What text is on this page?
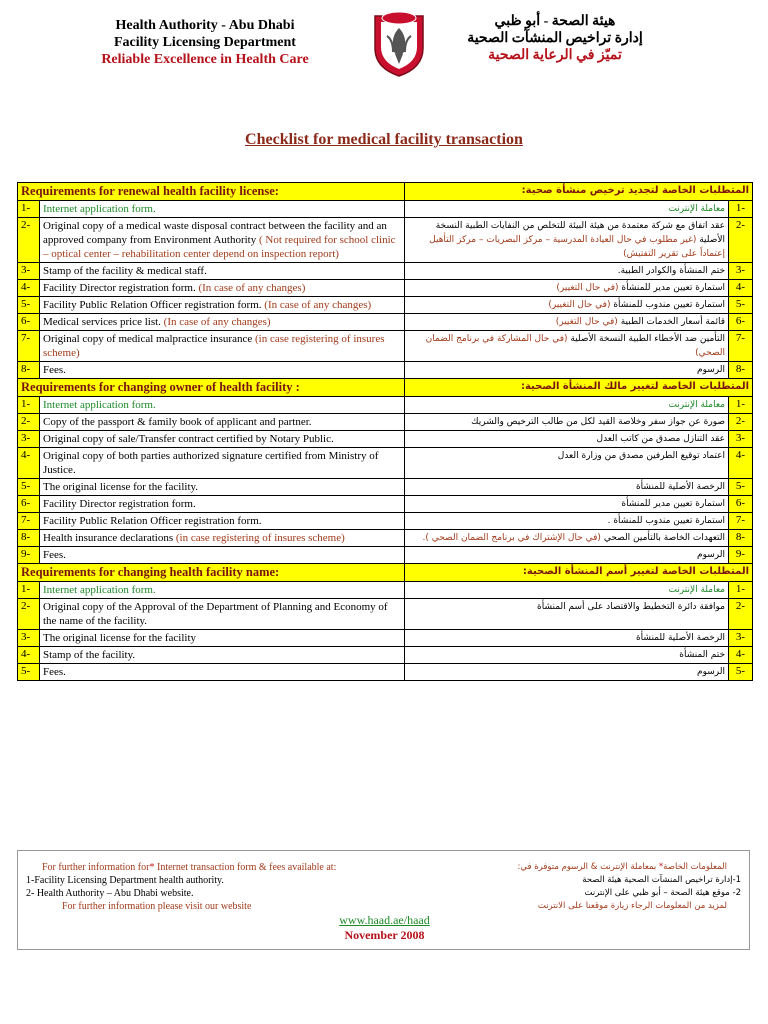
Health Authority - Abu Dhabi
Facility Licensing Department
Reliable Excellence in Health Care
هيئة الصحة - أبو ظبي
إدارة تراخيص المنشآت الصحية
تميّز في الرعاية الصحية
Checklist for medical facility transaction
Requirements for renewal health facility license:		المتطلبات الخاصة لتجديد ترخيص منشأة صحية:	
1-	Internet application form.	معاملة الإنترنت	1-
2-	Original copy of a medical waste disposal contract between the facility and an approved company from Environment Authority ( Not required for school clinic – optical center – rehabilitation center depend on inspection report)	عقد اتفاق مع شركة معتمدة من هيئة البيئة للتخلص من النفايات الطبية النسخة الأصلية (غير مطلوب في حال العيادة المدرسية – مركز البصريات – مركز التأهيل إعتماداً على تقرير التفتيش)	2-
3-	Stamp of the facility & medical staff.	ختم المنشأة والكوادر الطبية.	3-
4-	Facility Director registration form. (In case of any changes)	استمارة تعيين مدير للمنشأة (في حال التغيير)	4-
5-	Facility Public Relation Officer registration form. (In case of any changes)	استمارة تعيين مندوب للمنشأة (في حال التغيير)	5-
6-	Medical services price list. (In case of any changes)	قائمة أسعار الخدمات الطبية (في حال التغيير)	6-
7-	Original copy of medical malpractice insurance (in case registering of insures scheme)	التأمين ضد الأخطاء الطبية النسخة الأصلية (في حال المشاركة في برنامج الضمان الصحي)	7-
8-	Fees.	الرسوم	8-
Requirements for changing owner of health facility :		المتطلبات الخاصة لتغيير مالك المنشأة الصحية:	
1-	Internet application form.	معاملة الإنترنت	1-
2-	Copy of the passport & family book of applicant and partner.	صورة عن جواز سفر وخلاصة القيد لكل من طالب الترخيص والشريك	2-
3-	Original copy of sale/Transfer contract certified by Notary Public.	عقد التنازل مصدق من كاتب العدل	3-
4-	Original copy of both parties authorized signature certified from Ministry of Justice.	اعتماد توقيع الطرفين مصدق من وزارة العدل	4-
5-	The original license for the facility.	الرخصة الأصلية للمنشأة	5-
6-	Facility Director registration form.	استمارة تعيين مدير للمنشأة	6-
7-	Facility Public Relation Officer registration form.	استمارة تعيين مندوب للمنشأة .	7-
8-	Health insurance declarations (in case registering of insures scheme)	التعهدات الخاصة بالتأمين الصحي (في حال الإشتراك في برنامج الضمان الصحي ).	8-
9-	Fees.	الرسوم	9-
Requirements for changing health facility name:		المتطلبات الخاصة لتغيير أسم المنشأة الصحية:	
1-	Internet application form.	معاملة الإنترنت	1-
2-	Original copy of the Approval of the Department of Planning and Economy of the name of the facility.	موافقة دائرة التخطيط والاقتصاد على أسم المنشأة	2-
3-	The original license for the facility	الرخصة الأصلية للمنشأة	3-
4-	Stamp of the facility.	ختم المنشأة	4-
5-	Fees.	الرسوم	5-
For further information for* Internet transaction form & fees available at:
1-Facility Licensing Department health authority.
2- Health Authority – Abu Dhabi website.
For further information please visit our website
المعلومات الخاصة* بمعاملة الإنترنت & الرسوم متوفرة في:
1-إدارة تراخيص المنشآت الصحية هيئة الصحة
2- موقع هيئة الصحة – أبو ظبي على الإنترنت
لمزيد من المعلومات الرجاء زيارة موقعنا على الانترنت
www.haad.ae/haad
November 2008
